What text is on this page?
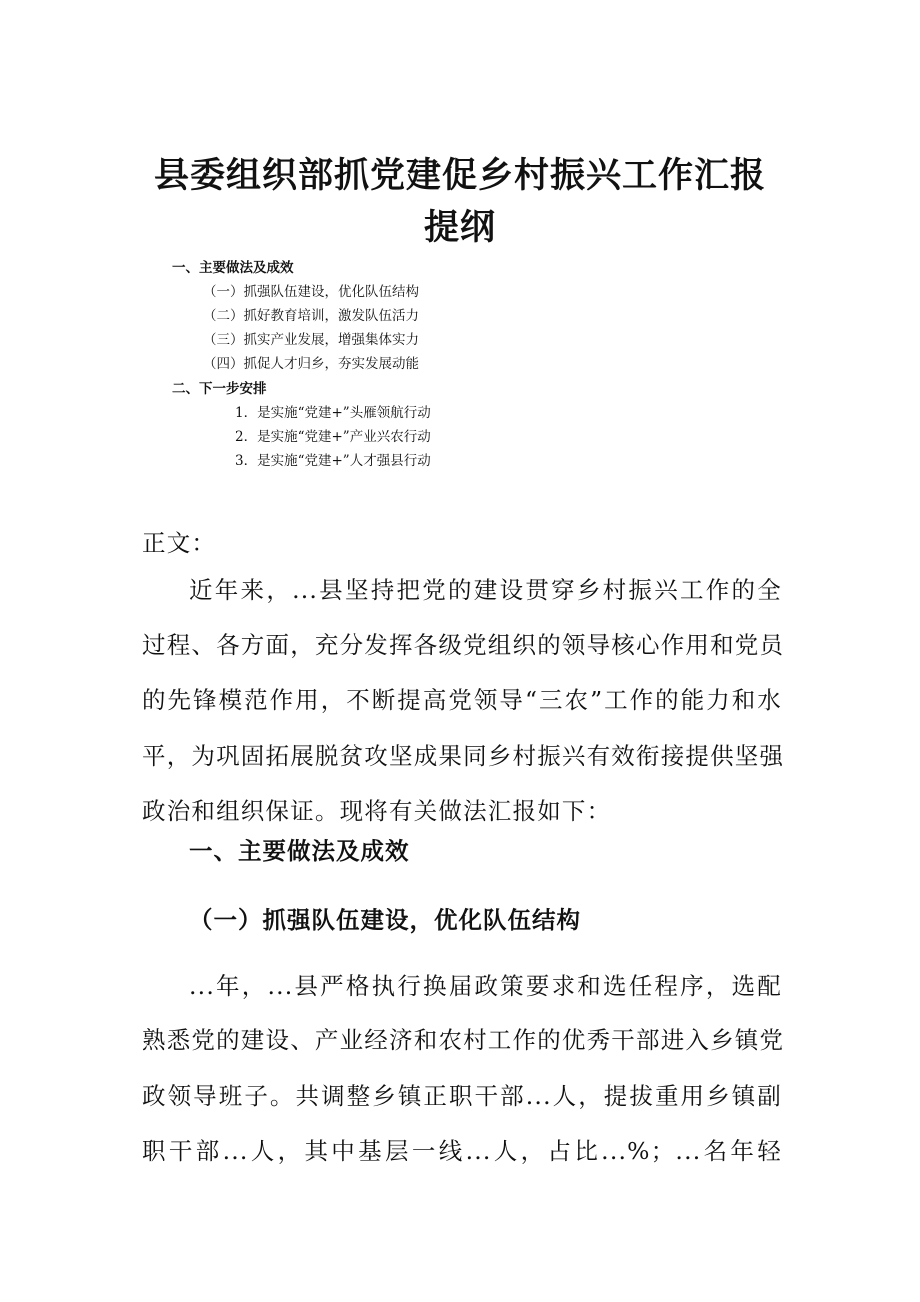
县委组织部抓党建促乡村振兴工作汇报
提纲
一、主要做法及成效
（一）抓强队伍建设，优化队伍结构
（二）抓好教育培训，激发队伍活力
（三）抓实产业发展，增强集体实力
（四）抓促人才归乡，夯实发展动能
二、下一步安排
1．是实施“党建+”头雁领航行动
2．是实施“党建+”产业兴农行动
3．是实施“党建+”人才强县行动
正文：
近年来，...县坚持把党的建设贯穿乡村振兴工作的全
过程、各方面，充分发挥各级党组织的领导核心作用和党员
的先锋模范作用，不断提高党领导“三农”工作的能力和水
平，为巩固拓展脱贫攻坚成果同乡村振兴有效衔接提供坚强
政治和组织保证。现将有关做法汇报如下：
一、主要做法及成效
（一）抓强队伍建设，优化队伍结构
...年，...县严格执行换届政策要求和选任程序，选配
熟悉党的建设、产业经济和农村工作的优秀干部进入乡镇党
政领导班子。共调整乡镇正职干部...人，提拔重用乡镇副
职干部...人，其中基层一线...人，占比...%；...名年轻
